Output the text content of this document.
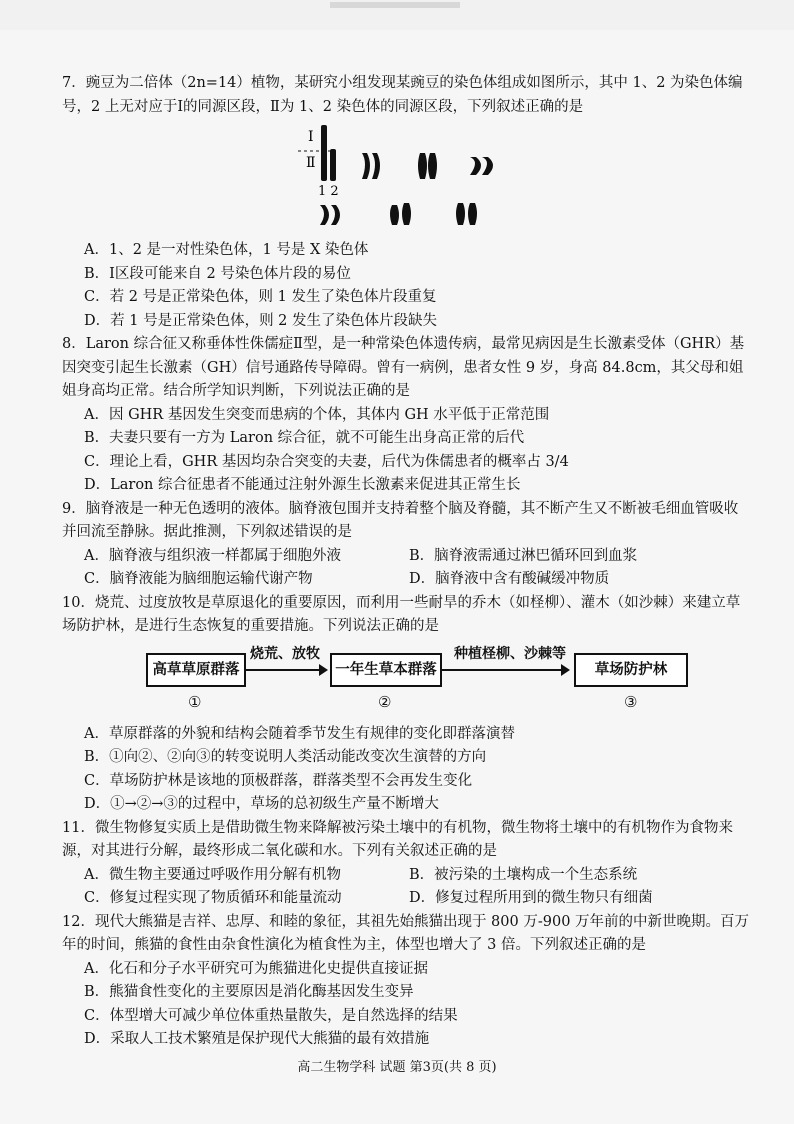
7．豌豆为二倍体（2n=14）植物，某研究小组发现某豌豆的染色体组成如图所示，其中 1、2 为染色体编号，2 上无对应于Ⅰ的同源区段，Ⅱ为 1、2 染色体的同源区段，下列叙述正确的是

Ⅰ
Ⅱ
1 2
A．1、2 是一对性染色体，1 号是 X 染色体
B．Ⅰ区段可能来自 2 号染色体片段的易位
C．若 2 号是正常染色体，则 1 发生了染色体片段重复
D．若 1 号是正常染色体，则 2 发生了染色体片段缺失

8．Laron 综合征又称垂体性侏儒症Ⅱ型，是一种常染色体遗传病，最常见病因是生长激素受体（GHR）基因突变引起生长激素（GH）信号通路传导障碍。曾有一病例，患者女性 9 岁，身高 84.8cm，其父母和姐姐身高均正常。结合所学知识判断，下列说法正确的是

A．因 GHR 基因发生突变而患病的个体，其体内 GH 水平低于正常范围
B．夫妻只要有一方为 Laron 综合征，就不可能生出身高正常的后代
C．理论上看，GHR 基因均杂合突变的夫妻，后代为侏儒患者的概率占 3/4
D．Laron 综合征患者不能通过注射外源生长激素来促进其正常生长

9．脑脊液是一种无色透明的液体。脑脊液包围并支持着整个脑及脊髓，其不断产生又不断被毛细血管吸收并回流至静脉。据此推测，下列叙述错误的是

A．脑脊液与组织液一样都属于细胞外液	B．脑脊液需通过淋巴循环回到血浆
C．脑脊液能为脑细胞运输代谢产物	D．脑脊液中含有酸碱缓冲物质

10．烧荒、过度放牧是草原退化的重要原因，而利用一些耐旱的乔木（如柽柳）、灌木（如沙棘）来建立草场防护林，是进行生态恢复的重要措施。下列说法正确的是

高草草原群落
烧荒、放牧
一年生草本群落
种植柽柳、沙棘等
草场防护林
①	②	③
A．草原群落的外貌和结构会随着季节发生有规律的变化即群落演替
B．①向②、②向③的转变说明人类活动能改变次生演替的方向
C．草场防护林是该地的顶极群落，群落类型不会再发生变化
D．①→②→③的过程中，草场的总初级生产量不断增大

11．微生物修复实质上是借助微生物来降解被污染土壤中的有机物，微生物将土壤中的有机物作为食物来源，对其进行分解，最终形成二氧化碳和水。下列有关叙述正确的是

A．微生物主要通过呼吸作用分解有机物	B．被污染的土壤构成一个生态系统
C．修复过程实现了物质循环和能量流动	D．修复过程所用到的微生物只有细菌

12．现代大熊猫是吉祥、忠厚、和睦的象征，其祖先始熊猫出现于 800 万-900 万年前的中新世晚期。百万年的时间，熊猫的食性由杂食性演化为植食性为主，体型也增大了 3 倍。下列叙述正确的是

A．化石和分子水平研究可为熊猫进化史提供直接证据
B．熊猫食性变化的主要原因是消化酶基因发生变异
C．体型增大可减少单位体重热量散失，是自然选择的结果
D．采取人工技术繁殖是保护现代大熊猫的最有效措施
高二生物学科 试题 第3页(共 8 页)
